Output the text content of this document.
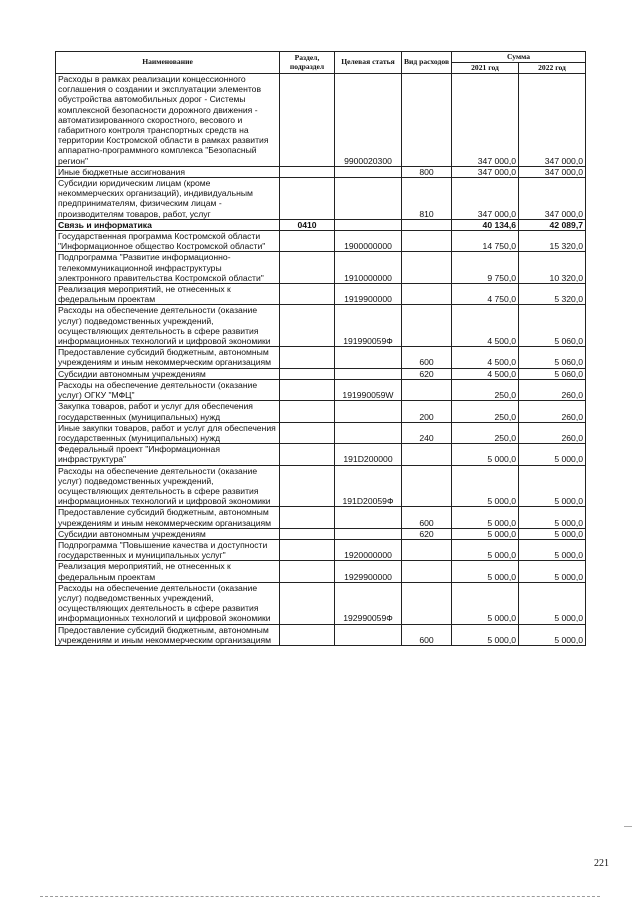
Наименование	Раздел, подраздел	Целевая статья	Вид расходов	Сумма	
				2021 год	2022 год
Расходы в рамках реализации концессионного соглашения о создании и эксплуатации элементов обустройства автомобильных дорог - Системы комплексной безопасности дорожного движения - автоматизированного скоростного, весового и габаритного контроля транспортных средств на территории Костромской области в рамках развития аппаратно-программного комплекса "Безопасный регион"		9900020300		347 000,0	347 000,0
Иные бюджетные ассигнования			800	347 000,0	347 000,0
Субсидии юридическим лицам (кроме некоммерческих организаций), индивидуальным предпринимателям, физическим лицам - производителям товаров, работ, услуг			810	347 000,0	347 000,0
Связь и информатика	0410			40 134,6	42 089,7
Государственная программа Костромской области "Информационное общество Костромской области"		1900000000		14 750,0	15 320,0
Подпрограмма "Развитие информационно-телекоммуникационной инфраструктуры электронного правительства Костромской области"		1910000000		9 750,0	10 320,0
Реализация мероприятий, не отнесенных к федеральным проектам		1919900000		4 750,0	5 320,0
Расходы на обеспечение деятельности (оказание услуг) подведомственных учреждений, осуществляющих деятельность в сфере развития информационных технологий и цифровой экономики		191990059Ф		4 500,0	5 060,0
Предоставление субсидий бюджетным, автономным учреждениям и иным некоммерческим организациям			600	4 500,0	5 060,0
Субсидии автономным учреждениям			620	4 500,0	5 060,0
Расходы на обеспечение деятельности (оказание услуг) ОГКУ "МФЦ"		191990059W		250,0	260,0
Закупка товаров, работ и услуг для обеспечения государственных (муниципальных) нужд			200	250,0	260,0
Иные закупки товаров, работ и услуг для обеспечения государственных (муниципальных) нужд			240	250,0	260,0
Федеральный проект "Информационная инфраструктура"		191D200000		5 000,0	5 000,0
Расходы на обеспечение деятельности (оказание услуг) подведомственных учреждений, осуществляющих деятельность в сфере развития информационных технологий и цифровой экономики		191D20059Ф		5 000,0	5 000,0
Предоставление субсидий бюджетным, автономным учреждениям и иным некоммерческим организациям			600	5 000,0	5 000,0
Субсидии автономным учреждениям			620	5 000,0	5 000,0
Подпрограмма "Повышение качества и доступности государственных и муниципальных услуг"		1920000000		5 000,0	5 000,0
Реализация мероприятий, не отнесенных к федеральным проектам		1929900000		5 000,0	5 000,0
Расходы на обеспечение деятельности (оказание услуг) подведомственных учреждений, осуществляющих деятельность в сфере развития информационных технологий и цифровой экономики		192990059Ф		5 000,0	5 000,0
Предоставление субсидий бюджетным, автономным учреждениям и иным некоммерческим организациям			600	5 000,0	5 000,0
221
